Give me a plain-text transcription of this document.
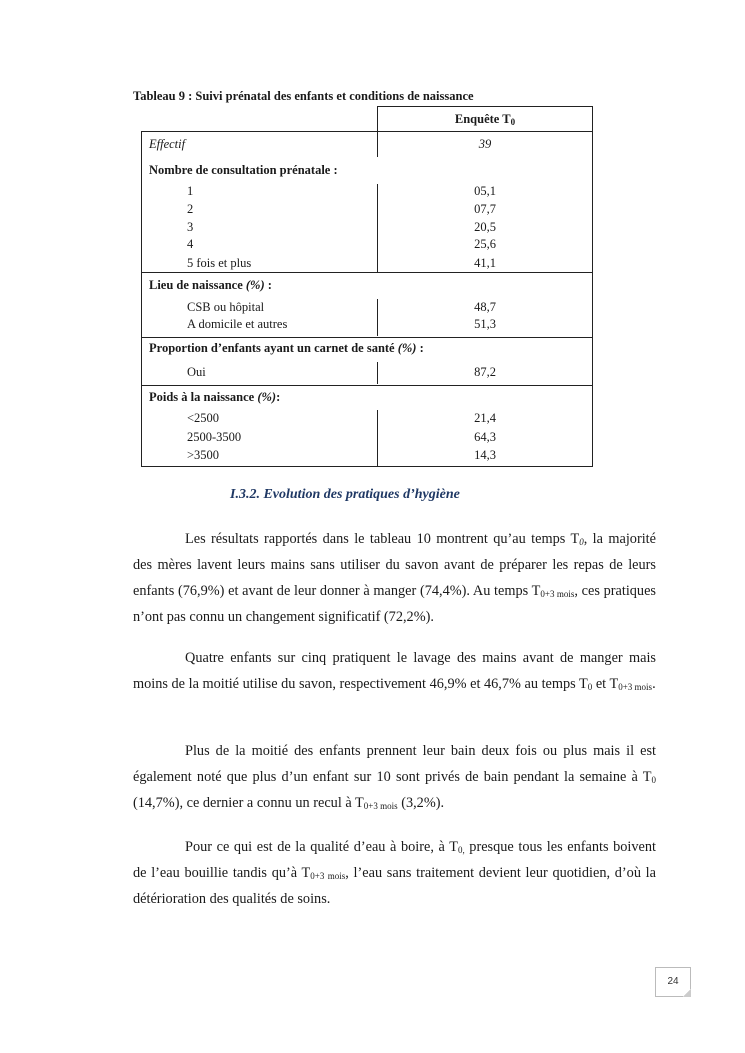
Tableau 9 : Suivi prénatal des enfants et conditions de naissance
Enquête $T_0$
Effectif	39
Nombre de consultation prénatale :
1	05,1
2	07,7
3	20,5
4	25,6
5 fois et plus	41,1
Lieu de naissance (%) :
CSB ou hôpital	48,7
A domicile et autres	51,3
Proportion d’enfants ayant un carnet de santé (%) :
Oui	87,2
Poids à la naissance (%):
<2500	21,4
2500-3500	64,3
>3500	14,3
I.3.2. Evolution des pratiques d’hygiène

Les résultats rapportés dans le tableau 10 montrent qu’au temps $T_0$, la majorité des mères lavent leurs mains sans utiliser du savon avant de préparer les repas de leurs enfants (76,9%) et avant de leur donner à manger (74,4%). Au temps $T_{0+3 mois}$, ces pratiques n’ont pas connu un changement significatif (72,2%).

Quatre enfants sur cinq pratiquent le lavage des mains avant de manger mais moins de la moitié utilise du savon, respectivement 46,9% et 46,7% au temps $T_0$ et $T_{0+3 mois}$.

Plus de la moitié des enfants prennent leur bain deux fois ou plus mais il est également noté que plus d’un enfant sur 10 sont privés de bain pendant la semaine à $T_0$ (14,7%), ce dernier a connu un recul à $T_{0+3 mois}$ (3,2%).

Pour ce qui est de la qualité d’eau à boire, à $T_{0,}$ presque tous les enfants boivent de l’eau bouillie tandis qu’à $T_{0+3 mois}$, l’eau sans traitement devient leur quotidien, d’où la détérioration des qualités de soins.

24
